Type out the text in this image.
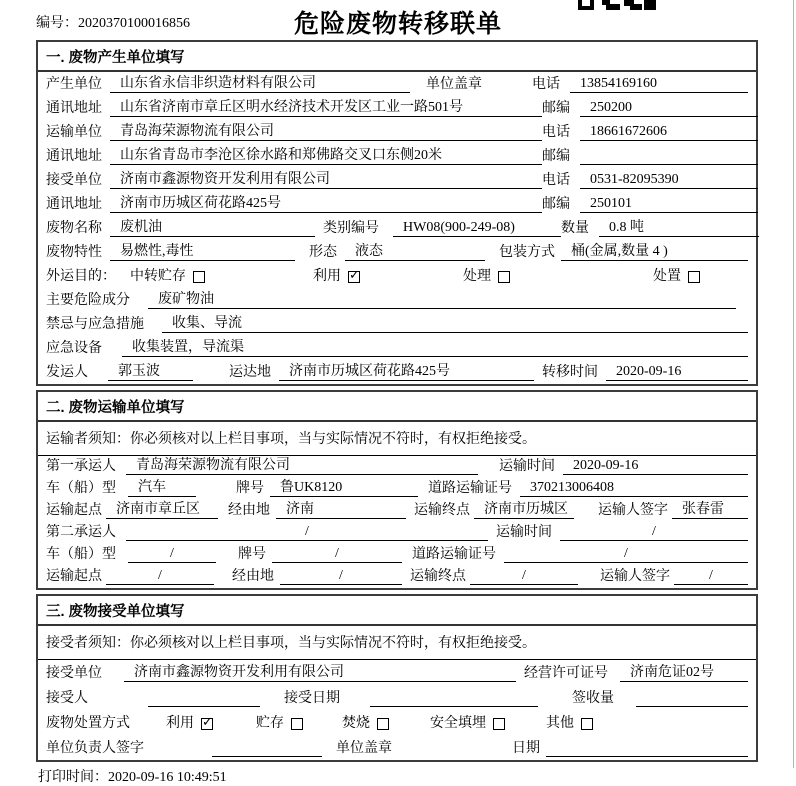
编号：2020370100016856	危险废物转移联单
一. 废物产生单位填写
产生单位	山东省永信非织造材料有限公司	单位盖章	电话	13854169160
通讯地址	山东省济南市章丘区明水经济技术开发区工业一路501号	邮编	250200
运输单位	青岛海荣源物流有限公司	电话	18661672606
通讯地址	山东省青岛市李沧区徐水路和郑佛路交叉口东侧20米	邮编
接受单位	济南市鑫源物资开发利用有限公司	电话	0531-82095390
通讯地址	济南市历城区荷花路425号	邮编	250101
废物名称	废机油	类别编号	HW08(900-249-08)	数量	0.8 吨
废物特性	易燃性,毒性	形态	液态	包装方式	桶(金属,数量 4 )
外运目的：	中转贮存	利用 ✓	处理	处置
主要危险成分	废矿物油
禁忌与应急措施	收集、导流
应急设备	收集装置，导流渠
发运人	郭玉波	运达地	济南市历城区荷花路425号	转移时间	2020-09-16
二. 废物运输单位填写
运输者须知：你必须核对以上栏目事项，当与实际情况不符时，有权拒绝接受。
第一承运人	青岛海荣源物流有限公司	运输时间	2020-09-16
车（船）型	汽车	牌号	鲁UK8120	道路运输证号	370213006408
运输起点	济南市章丘区	经由地	济南	运输终点	济南市历城区	运输人签字	张春雷
第二承运人	/	运输时间	/
车（船）型	/	牌号	/	道路运输证号	/
运输起点	/	经由地	/	运输终点	/	运输人签字	/
三. 废物接受单位填写
接受者须知：你必须核对以上栏目事项，当与实际情况不符时，有权拒绝接受。
接受单位	济南市鑫源物资开发利用有限公司	经营许可证号	济南危证02号
接受人	接受日期	签收量
废物处置方式	利用 ✓	贮存	焚烧	安全填埋	其他
单位负责人签字	单位盖章	日期
打印时间：2020-09-16 10:49:51
